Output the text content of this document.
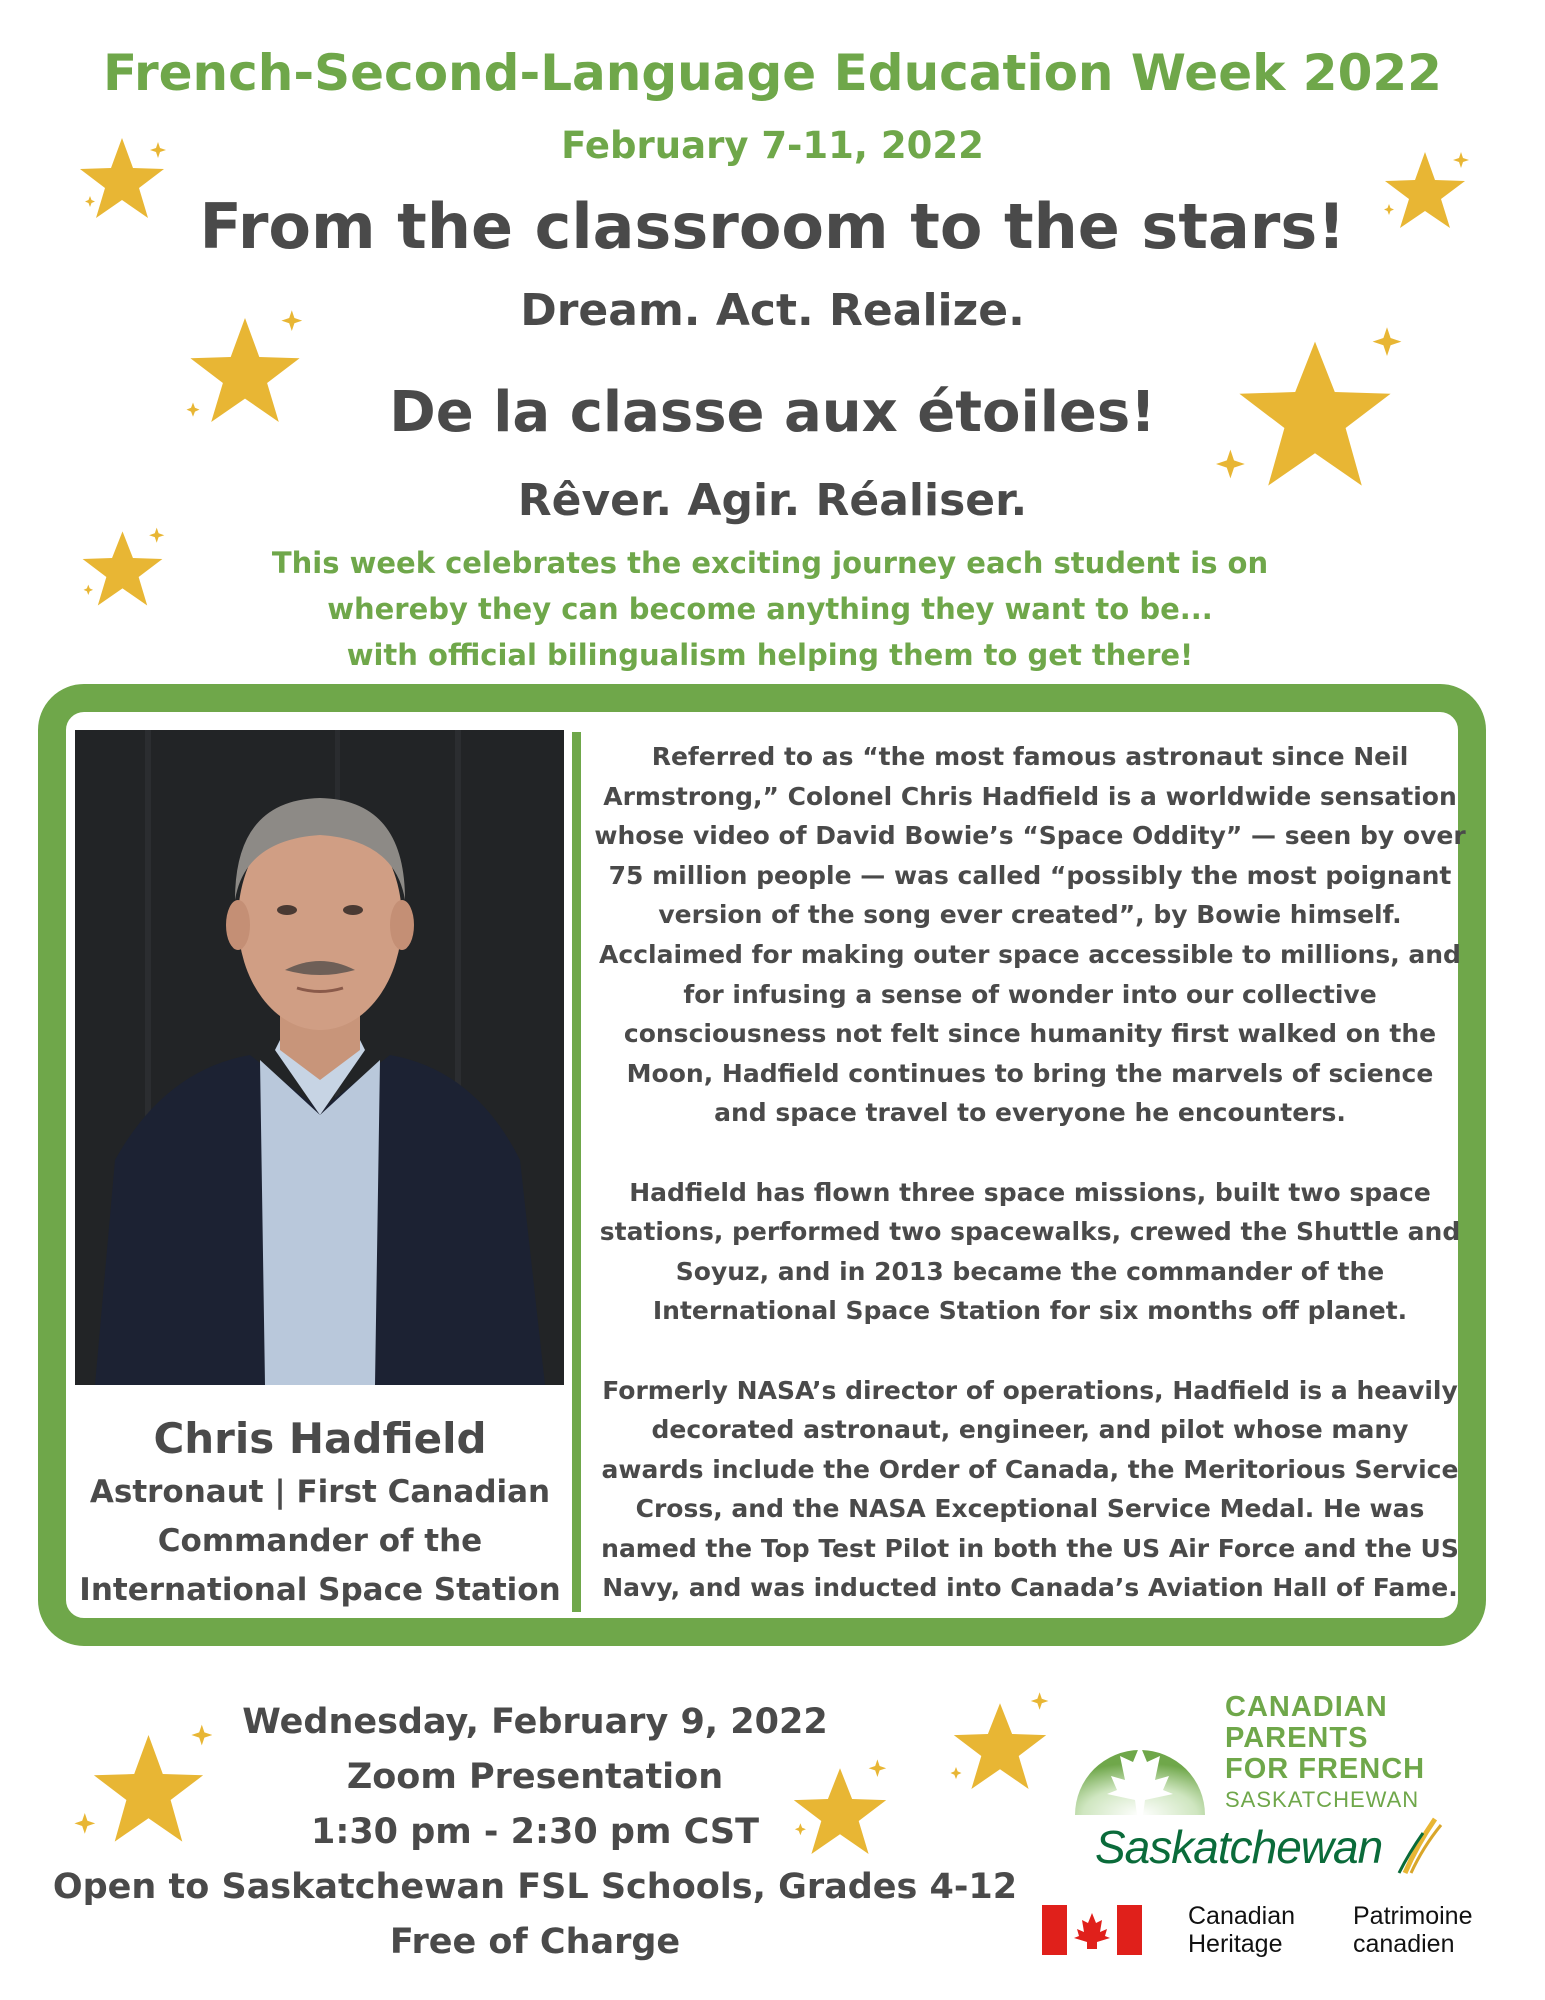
French-Second-Language Education Week 2022
February 7-11, 2022
From the classroom to the stars!
Dream. Act. Realize.
De la classe aux étoiles!
Rêver. Agir. Réaliser.
This week celebrates the exciting journey each student is on
whereby they can become anything they want to be...
with official bilingualism helping them to get there!
Chris Hadfield
Astronaut | First Canadian
Commander of the
International Space Station

Referred to as “the most famous astronaut since Neil
Armstrong,” Colonel Chris Hadfield is a worldwide sensation
whose video of David Bowie’s “Space Oddity” — seen by over
75 million people — was called “possibly the most poignant
version of the song ever created”, by Bowie himself.
Acclaimed for making outer space accessible to millions, and
for infusing a sense of wonder into our collective
consciousness not felt since humanity first walked on the
Moon, Hadfield continues to bring the marvels of science
and space travel to everyone he encounters.

Hadfield has flown three space missions, built two space
stations, performed two spacewalks, crewed the Shuttle and
Soyuz, and in 2013 became the commander of the
International Space Station for six months off planet.

Formerly NASA’s director of operations, Hadfield is a heavily
decorated astronaut, engineer, and pilot whose many
awards include the Order of Canada, the Meritorious Service
Cross, and the NASA Exceptional Service Medal. He was
named the Top Test Pilot in both the US Air Force and the US
Navy, and was inducted into Canada’s Aviation Hall of Fame.

Wednesday, February 9, 2022
Zoom Presentation
1:30 pm - 2:30 pm CST
Open to Saskatchewan FSL Schools, Grades 4-12
Free of Charge
CANADIAN
PARENTS
FOR FRENCH
SASKATCHEWAN
Saskatchewan
Canadian
Heritage
Patrimoine
canadien
